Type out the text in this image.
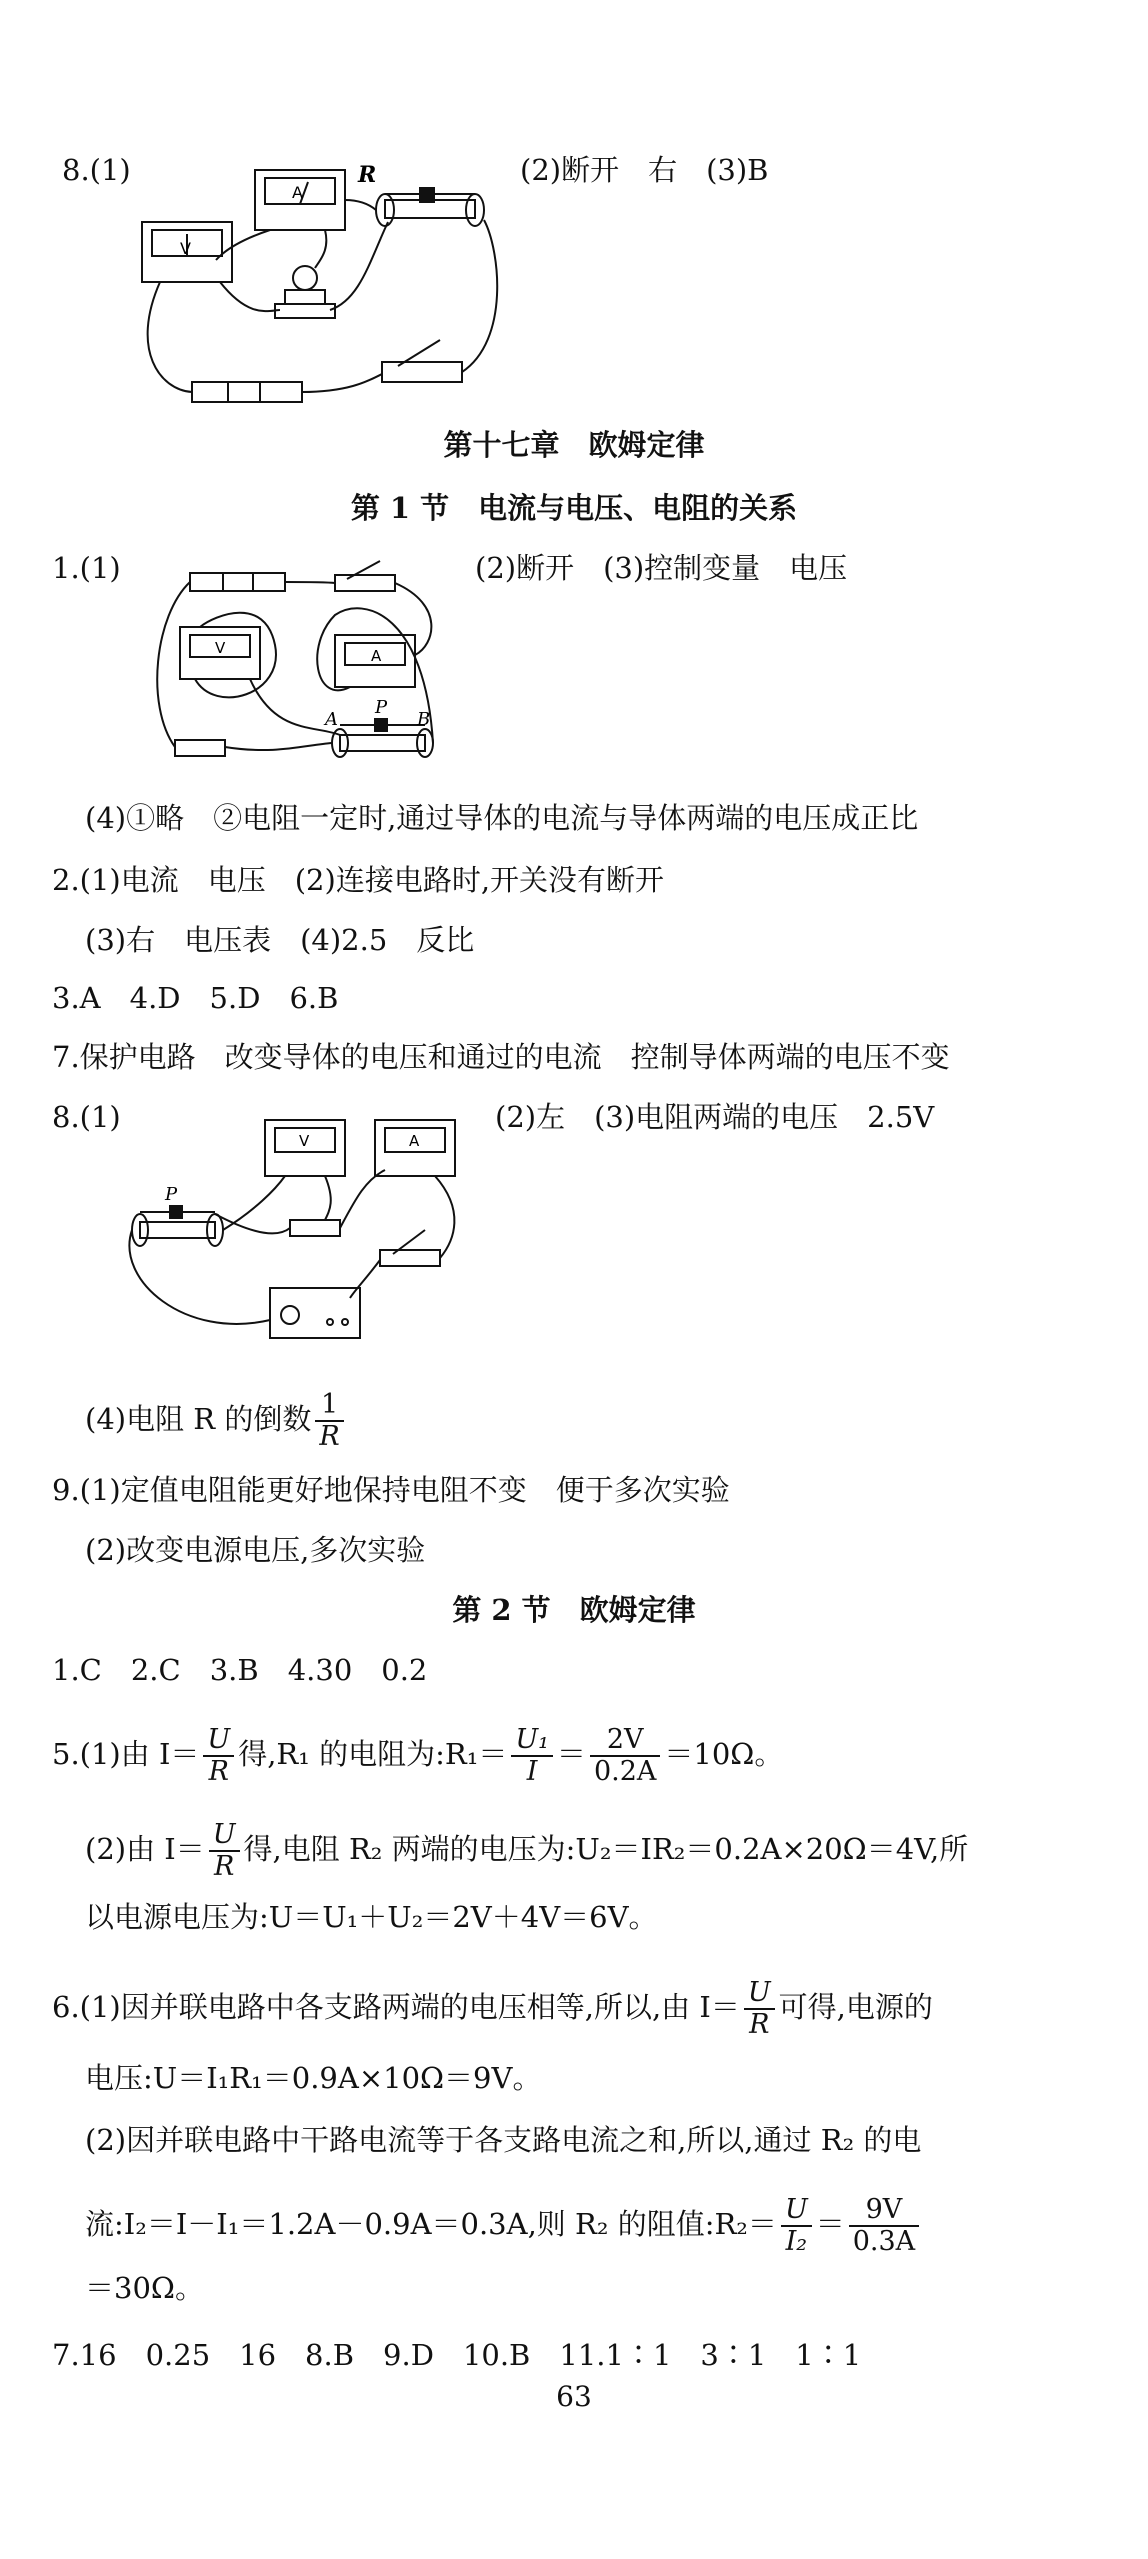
8.(1)	(2)断开　右　(3)B
V
A
R
第十七章　欧姆定律
第 1 节　电流与电压、电阻的关系
1.(1)	(2)断开　(3)控制变量　电压
V	A
A
P
B
(4)①略　②电阻一定时,通过导体的电流与导体两端的电压成正比
2.(1)电流　电压　(2)连接电路时,开关没有断开
(3)右　电压表　(4)2.5　反比
3.A　4.D　5.D　6.B
7.保护电路　改变导体的电压和通过的电流　控制导体两端的电压不变
8.(1)	(2)左　(3)电阻两端的电压　2.5V
V	A
P
(4)电阻 R 的倒数 $\frac{1}{R}$
9.(1)定值电阻能更好地保持电阻不变　便于多次实验
(2)改变电源电压,多次实验
第 2 节　欧姆定律
1.C　2.C　3.B　4.30　0.2
5.(1)由 $I= \frac{U}{R}$ 得,R₁ 的电阻为:R₁＝ $\frac{\text{U₁}}{I} = \frac{2V}{0.2A} =10\Omega$。
(2)由 $I= \frac{U}{R}$ 得,电阻 R₂ 两端的电压为:U₂＝IR₂＝0.2A×20Ω＝4V,所
以电源电压为:U＝U₁＋U₂＝2V＋4V＝6V。
6.(1)因并联电路中各支路两端的电压相等,所以,由 $I= \frac{U}{R}$ 可得,电源的
电压:U＝I₁R₁＝0.9A×10Ω＝9V。
(2)因并联电路中干路电流等于各支路电流之和,所以,通过 R₂ 的电
流:I₂＝I－I₁＝1.2A－0.9A＝0.3A,则 R₂ 的阻值:R₂＝ $\frac{U}{\text{I₂}} = \frac{9V}{0.3A}$
＝30Ω。
7.16　0.25　16　8.B　9.D　10.B　11.1∶1　3∶1　1∶1
63
